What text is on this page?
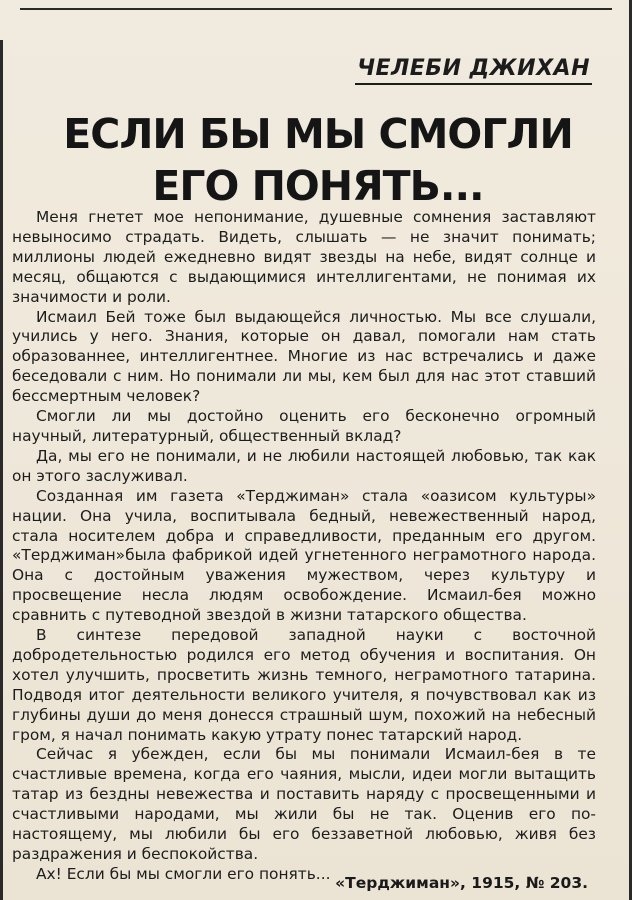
ЧЕЛЕБИ ДЖИХАН
ЕСЛИ БЫ МЫ СМОГЛИ
ЕГО ПОНЯТЬ...

Меня гнетет мое непонимание, душевные сомнения заставляют невыносимо страдать. Видеть, слышать — не значит понимать; миллионы людей ежедневно видят звезды на небе, видят солнце и месяц, общаются с выдающимися интеллигентами, не понимая их значимости и роли.

Исмаил Бей тоже был выдающейся личностью. Мы все слушали, учились у него. Знания, которые он давал, помогали нам стать образованнее, интеллигентнее. Многие из нас встречались и даже беседовали с ним. Но понимали ли мы, кем был для нас этот ставший бессмертным человек?

Смогли ли мы достойно оценить его бесконечно огромный научный, литературный, общественный вклад?

Да, мы его не понимали, и не любили настоящей любовью, так как он этого заслуживал.

Созданная им газета «Терджиман» стала «оазисом культуры» нации. Она учила, воспитывала бедный, невежественный народ, стала носителем добра и справедливости, преданным его другом. «Терджиман»была фабрикой идей угнетенного неграмотного народа. Она с достойным уважения мужеством, через культуру и просвещение несла людям освобождение. Исмаил-бея можно сравнить с путеводной звездой в жизни татарского общества.

В синтезе передовой западной науки с восточной добродетельностью родился его метод обучения и воспитания. Он хотел улучшить, просветить жизнь темного, неграмотного татарина. Подводя итог деятельности великого учителя, я почувствовал как из глубины души до меня донесся страшный шум, похожий на небесный гром, я начал понимать какую утрату понес татарский народ.

Сейчас я убежден, если бы мы понимали Исмаил-бея в те счастливые времена, когда его чаяния, мысли, идеи могли вытащить татар из бездны невежества и поставить наряду с просвещенными и счастливыми народами, мы жили бы не так. Оценив его по-настоящему, мы любили бы его беззаветной любовью, живя без раздражения и беспокойства.

Ах! Если бы мы смогли его понять...

«Терджиман», 1915, № 203.
